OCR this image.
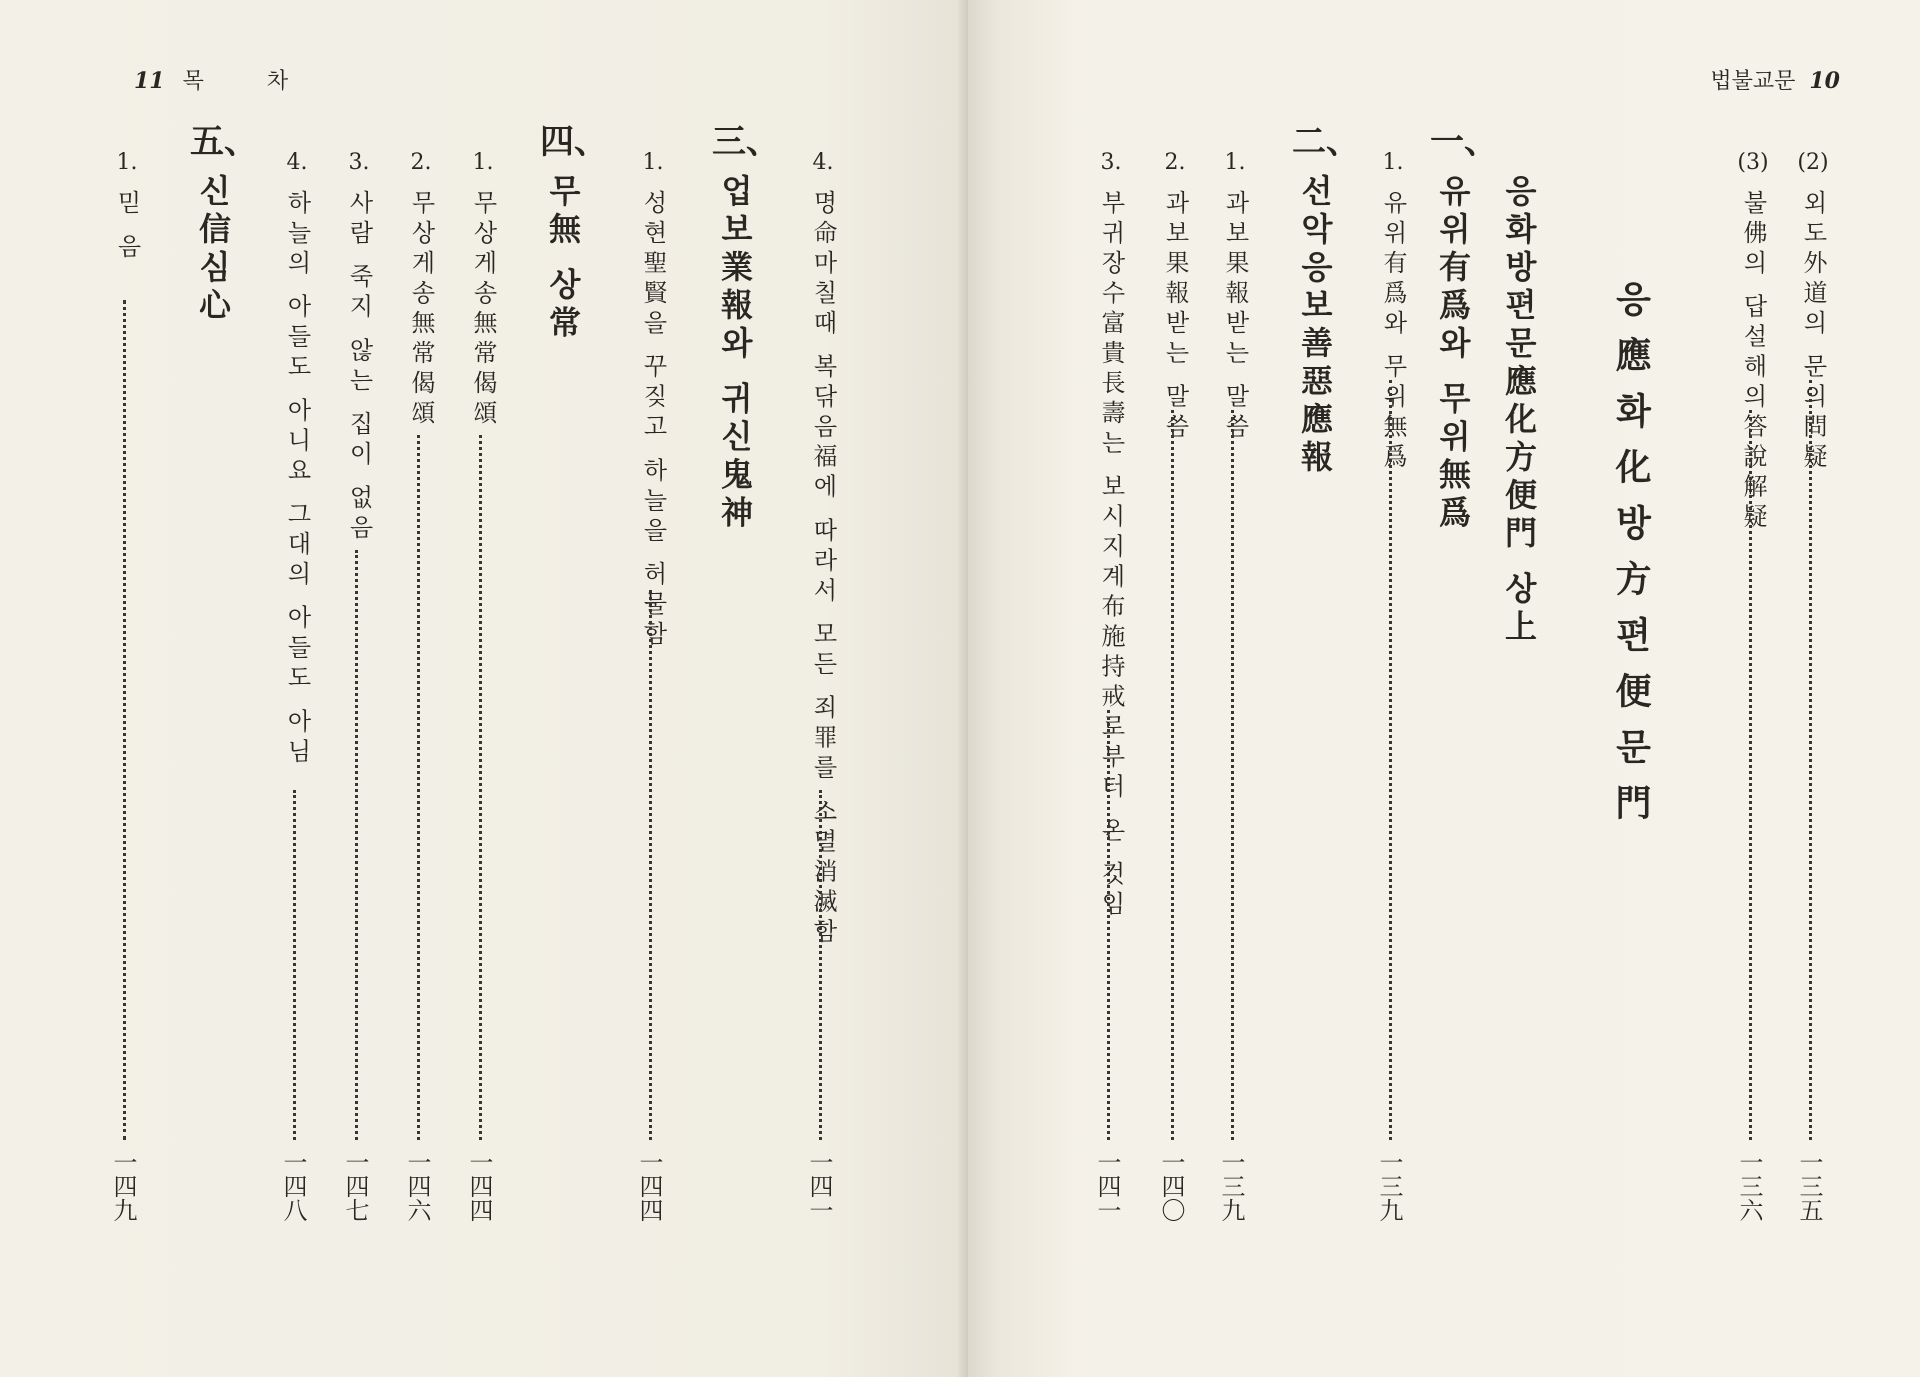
11 목 차
五、
신信심心
1.
믿 음
一四九
4.
하늘의 아들도 아니요 그대의 아들도 아님
一四八
3.
사람 죽지 않는 집이 없음
一四七
2.
무상게송無常偈頌
一四六
1.
무상게송無常偈頌
一四四
四、
무無 상常
1.
성현聖賢을 꾸짖고 하늘을 허물함
一四四
三、
업보業報와 귀신鬼神
4.
명命마칠때 복닦음福에 따라서 모든 죄罪를 소멸消滅함
一四一
법불교문 10
(2)
외도外道의 문의問疑
一三五
(3)
불佛의 답설해의答說解疑
一三六
응應화化방方편便문門
응화방편문應化方便門 상上
一、
유위有爲와 무위無爲
1.
유위有爲와 무위無爲
一三九
二、
선악응보善惡應報
1.
과보果報받는 말씀
一三九
2.
과보果報받는 말씀
一四〇
3.
부귀장수富貴長壽는 보시지계布施持戒로부터 온 것임
一四一
